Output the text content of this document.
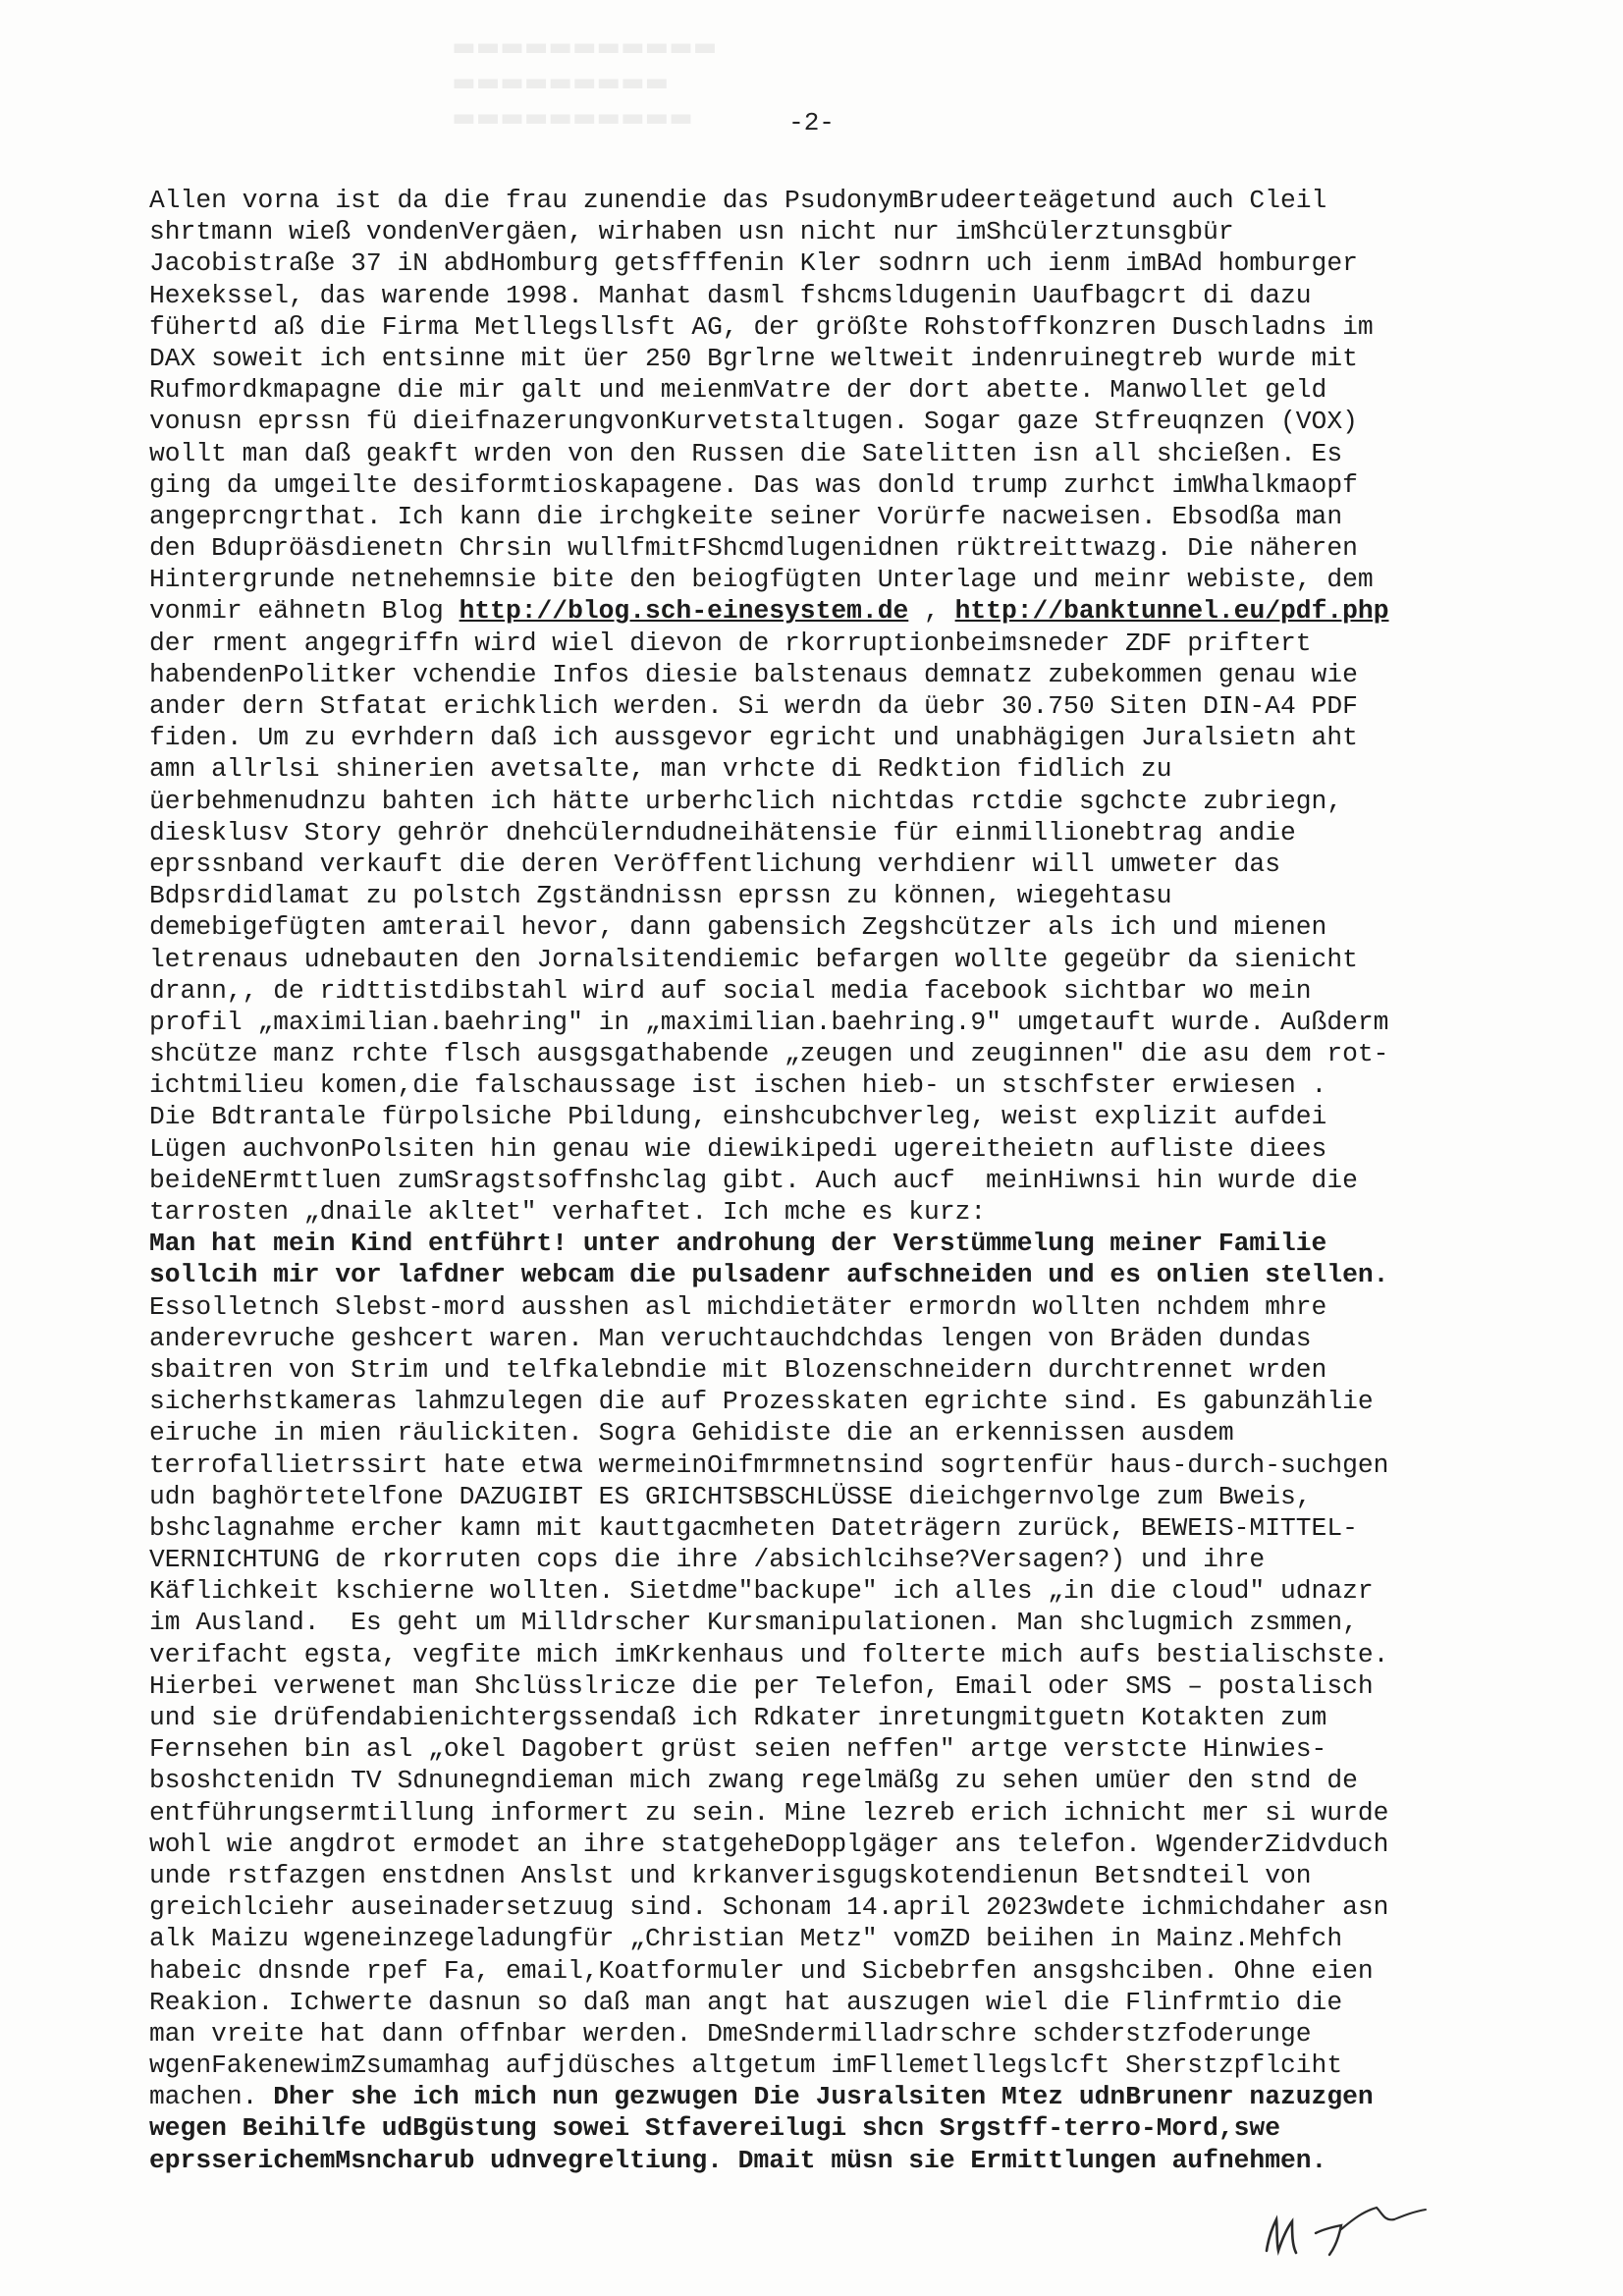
▬▬▬▬▬▬▬▬▬▬▬
▬▬▬▬▬▬▬▬▬
▬▬▬▬▬▬▬▬▬▬	-2-
Allen vorna ist da die frau zunendie das PsudonymBrudeerteägetund auch Cleil
shrtmann wieß vondenVergäen, wirhaben usn nicht nur imShcülerztunsgbür
Jacobistraße 37 iN abdHomburg getsfffenin Kler sodnrn uch ienm imBAd homburger
Hexekssel, das warende 1998. Manhat dasml fshcmsldugenin Uaufbagcrt di dazu
fühertd aß die Firma Metllegsllsft AG, der größte Rohstoffkonzren Duschladns im
DAX soweit ich entsinne mit üer 250 Bgrlrne weltweit indenruinegtreb wurde mit
Rufmordkmapagne die mir galt und meienmVatre der dort abette. Manwollet geld
vonusn eprssn fü dieifnazerungvonKurvetstaltugen. Sogar gaze Stfreuqnzen (VOX)
wollt man daß geakft wrden von den Russen die Satelitten isn all shcießen. Es
ging da umgeilte desiformtioskapagene. Das was donld trump zurhct imWhalkmaopf
angeprcngrthat. Ich kann die irchgkeite seiner Vorürfe nacweisen. Ebsodßa man
den Bdupröäsdienetn Chrsin wullfmitFShcmdlugenidnen rüktreittwazg. Die näheren
Hintergrunde netnehemnsie bite den beiogfügten Unterlage und meinr webiste, dem
vonmir eähnetn Blog http://blog.sch-einesystem.de , http://banktunnel.eu/pdf.php
der rment angegriffn wird wiel dievon de rkorruptionbeimsneder ZDF priftert
habendenPolitker vchendie Infos diesie balstenaus demnatz zubekommen genau wie
ander dern Stfatat erichklich werden. Si werdn da üebr 30.750 Siten DIN-A4 PDF
fiden. Um zu evrhdern daß ich aussgevor egricht und unabhägigen Juralsietn aht
amn allrlsi shinerien avetsalte, man vrhcte di Redktion fidlich zu
üerbehmenudnzu bahten ich hätte urberhclich nichtdas rctdie sgchcte zubriegn,
diesklusv Story gehrör dnehcülerndudneihätensie für einmillionebtrag andie
eprssnband verkauft die deren Veröffentlichung verhdienr will umweter das
Bdpsrdidlamat zu polstch Zgständnissn eprssn zu können, wiegehtasu
demebigefügten amterail hevor, dann gabensich Zegshcützer als ich und mienen
letrenaus udnebauten den Jornalsitendiemic befargen wollte gegeübr da sienicht
drann,, de ridttistdibstahl wird auf social media facebook sichtbar wo mein
profil „maximilian.baehring" in „maximilian.baehring.9" umgetauft wurde. Außderm
shcütze manz rchte flsch ausgsgathabende „zeugen und zeuginnen" die asu dem rot-
ichtmilieu komen,die falschaussage ist ischen hieb- un stschfster erwiesen .
Die Bdtrantale fürpolsiche Pbildung, einshcubchverleg, weist explizit aufdei
Lügen auchvonPolsiten hin genau wie diewikipedi ugereitheietn aufliste diees
beideNErmttluen zumSragstsoffnshclag gibt. Auch aucf  meinHiwnsi hin wurde die
tarrosten „dnaile akltet" verhaftet. Ich mche es kurz:
Man hat mein Kind entführt! unter androhung der Verstümmelung meiner Familie
sollcih mir vor lafdner webcam die pulsadenr aufschneiden und es onlien stellen.
Essolletnch Slebst-mord ausshen asl michdietäter ermordn wollten nchdem mhre
anderevruche geshcert waren. Man veruchtauchdchdas lengen von Bräden dundas
sbaitren von Strim und telfkalebndie mit Blozenschneidern durchtrennet wrden
sicherhstkameras lahmzulegen die auf Prozesskaten egrichte sind. Es gabunzählie
eiruche in mien räulickiten. Sogra Gehidiste die an erkennissen ausdem
terrofallietrssirt hate etwa wermeinOifmrmnetnsind sogrtenfür haus-durch-suchgen
udn baghörtetelfone DAZUGIBT ES GRICHTSBSCHLÜSSE dieichgernvolge zum Bweis,
bshclagnahme ercher kamn mit kauttgacmheten Dateträgern zurück, BEWEIS-MITTEL-
VERNICHTUNG de rkorruten cops die ihre /absichlcihse?Versagen?) und ihre
Käflichkeit kschierne wollten. Sietdme"backupe" ich alles „in die cloud" udnazr
im Ausland.  Es geht um Milldrscher Kursmanipulationen. Man shclugmich zsmmen,
verifacht egsta, vegfite mich imKrkenhaus und folterte mich aufs bestialischste.
Hierbei verwenet man Shclüsslricze die per Telefon, Email oder SMS – postalisch
und sie drüfendabienichtergssendaß ich Rdkater inretungmitguetn Kotakten zum
Fernsehen bin asl „okel Dagobert grüst seien neffen" artge verstcte Hinwies-
bsoshctenidn TV Sdnunegndieman mich zwang regelmäßg zu sehen umüer den stnd de
entführungsermtillung informert zu sein. Mine lezreb erich ichnicht mer si wurde
wohl wie angdrot ermodet an ihre statgeheDopplgäger ans telefon. WgenderZidvduch
unde rstfazgen enstdnen Anslst und krkanverisgugskotendienun Betsndteil von
greichlciehr auseinadersetzuug sind. Schonam 14.april 2023wdete ichmichdaher asn
alk Maizu wgeneinzegeladungfür „Christian Metz" vomZD beiihen in Mainz.Mehfch
habeic dnsnde rpef Fa, email,Koatformuler und Sicbebrfen ansgshciben. Ohne eien
Reakion. Ichwerte dasnun so daß man angt hat auszugen wiel die Flinfrmtio die
man vreite hat dann offnbar werden. DmeSndermilladrschre schderstzfoderunge
wgenFakenewimZsumamhag aufjdüsches altgetum imFllemetllegslcft Sherstzpflciht
machen. Dher she ich mich nun gezwugen Die Jusralsiten Mtez udnBrunenr nazuzgen
wegen Beihilfe udBgüstung sowei Stfavereilugi shcn Srgstff-terro-Mord,swe
eprsserichemMsncharub udnvegreltiung. Dmait müsn sie Ermittlungen aufnehmen.
